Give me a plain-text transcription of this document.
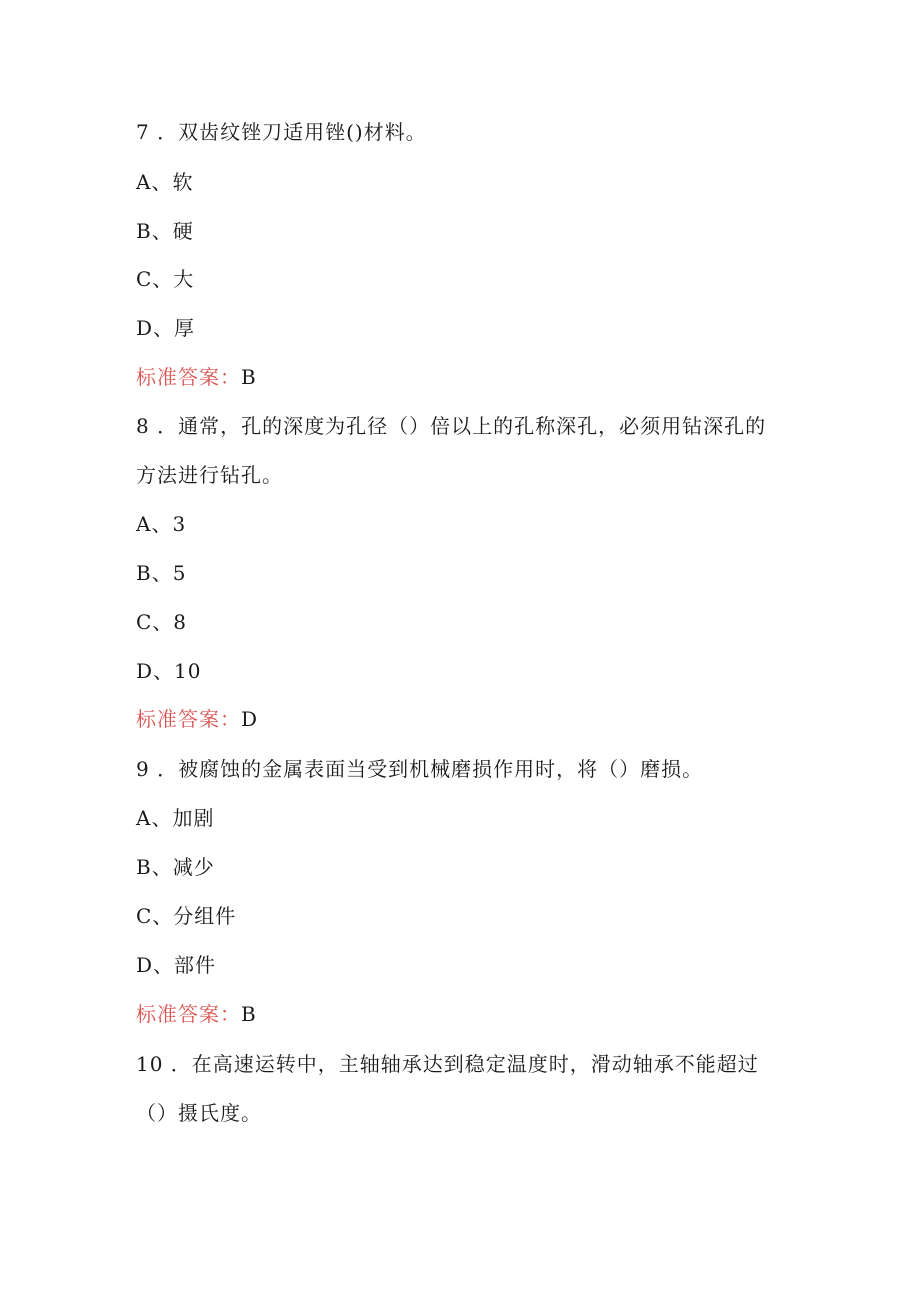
7 ．双齿纹锉刀适用锉()材料。
A、软
B、硬
C、大
D、厚
标准答案：B
8 ．通常，孔的深度为孔径（）倍以上的孔称深孔，必须用钻深孔的
方法进行钻孔。
A、3
B、5
C、8
D、10
标准答案：D
9 ．被腐蚀的金属表面当受到机械磨损作用时，将（）磨损。
A、加剧
B、减少
C、分组件
D、部件
标准答案：B
10 ．在高速运转中，主轴轴承达到稳定温度时，滑动轴承不能超过
（）摄氏度。
